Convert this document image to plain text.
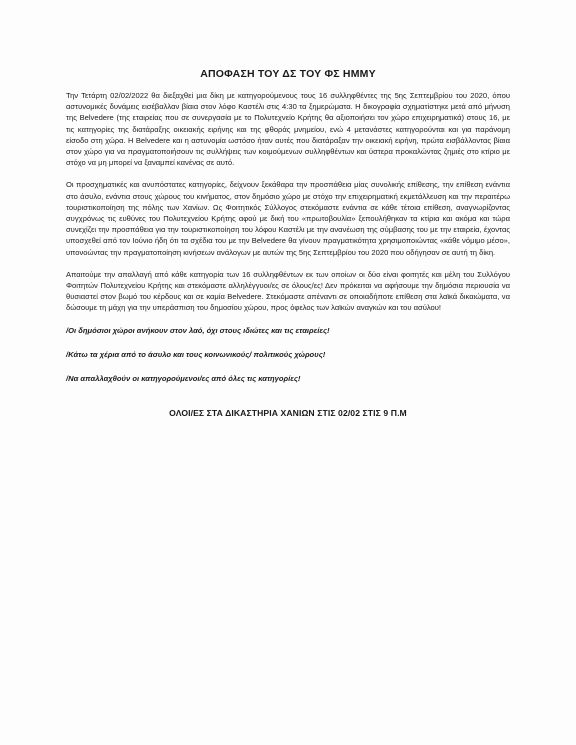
ΑΠΟΦΑΣΗ ΤΟΥ ΔΣ ΤΟΥ ΦΣ ΗΜΜΥ

Την Τετάρτη 02/02/2022 θα διεξαχθεί μια δίκη με κατηγορούμενους τους 16 συλληφθέντες της 5ης Σεπτεμβρίου του 2020, όπου αστυνομικές δυνάμεις εισέβαλλαν βίαια στον λόφο Καστέλι στις 4:30 τα ξημερώματα. Η δικογραφία σχηματίστηκε μετά από μήνυση της Belvedere (της εταιρείας που σε συνεργασία με το Πολυτεχνείο Κρήτης θα αξιοποιήσει τον χώρο επιχειρηματικά) στους 16, με τις κατηγορίες της διατάραξης οικειακής ειρήνης και της φθοράς μνημείου, ενώ 4 μετανάστες κατηγορούνται και για παράνομη είσοδο στη χώρα. Η Belvedere και η αστυνομία ωστόσο ήταν αυτές που διατάραξαν την οικειακή ειρήνη, πρώτα εισβάλλοντας βίαια στον χώρο για να πραγματοποιήσουν τις συλλήψεις των κοιμούμενων συλληφθέντων και ύστερα προκαλώντας ζημιές στο κτίριο με στόχο να μη μπορεί να ξαναμπεί κανένας σε αυτό.

Οι προσχηματικές και ανυπόστατες κατηγορίες, δείχνουν ξεκάθαρα την προσπάθεια μίας συνολικής επίθεσης, την επίθεση ενάντια στο άσυλο, ενάντια στους χώρους του κινήματος, στον δημόσιο χώρο με στόχο την επιχειρηματική εκμετάλλευση και την περαιτέρω τουριστικοποίηση της πόλης των Χανίων. Ως Φοιτητικός Σύλλογος στεκόμαστε ενάντια σε κάθε τέτοια επίθεση, αναγνωρίζοντας συγχρόνως τις ευθύνες του Πολυτεχνείου Κρήτης αφού με δική του «πρωτοβουλία» ξεπουλήθηκαν τα κτίρια και ακόμα και τώρα συνεχίζει την προσπάθεια για την τουριστικοποίηση του λόφου Καστέλι με την ανανέωση της σύμβασης του με την εταιρεία, έχοντας υποσχεθεί από τον Ιούνιο ήδη ότι τα σχέδια του με την Belvedere θα γίνουν πραγματικότητα χρησιμοποιώντας «κάθε νόμιμο μέσο», υπονοώντας την πραγματοποίηση κινήσεων ανάλογων με αυτών της 5ης Σεπτεμβρίου του 2020 που οδήγησαν σε αυτή τη δίκη.

Απαιτούμε την απαλλαγή από κάθε κατηγορία των 16 συλληφθέντων εκ των οποίων οι δύο είναι φοιτητές και μέλη του Συλλόγου Φοιτητών Πολυτεχνείου Κρήτης και στεκόμαστε αλληλέγγυοι/ες σε όλους/ες! Δεν πρόκειται να αφήσουμε την δημόσια περιουσία να θυσιαστεί στον βωμό του κέρδους και σε καμία Belvedere. Στεκόμαστε απέναντι σε οποιαδήποτε επίθεση στα λαϊκά δικαιώματα, να δώσουμε τη μάχη για την υπεράσπιση του δημοσίου χώρου, προς όφελος των λαϊκών αναγκών και του ασύλου!

/Οι δημόσιοι χώροι ανήκουν στον λαό, όχι στους ιδιώτες και τις εταιρείες!

/Κάτω τα χέρια από το άσυλο και τους κοινωνικούς/ πολιτικούς χώρους!

/Να απαλλαχθούν οι κατηγορούμενοι/ες από όλες τις κατηγορίες!

ΟΛΟΙ/ΕΣ ΣΤΑ ΔΙΚΑΣΤΗΡΙΑ ΧΑΝΙΩΝ ΣΤΙΣ 02/02 ΣΤΙΣ 9 Π.Μ
